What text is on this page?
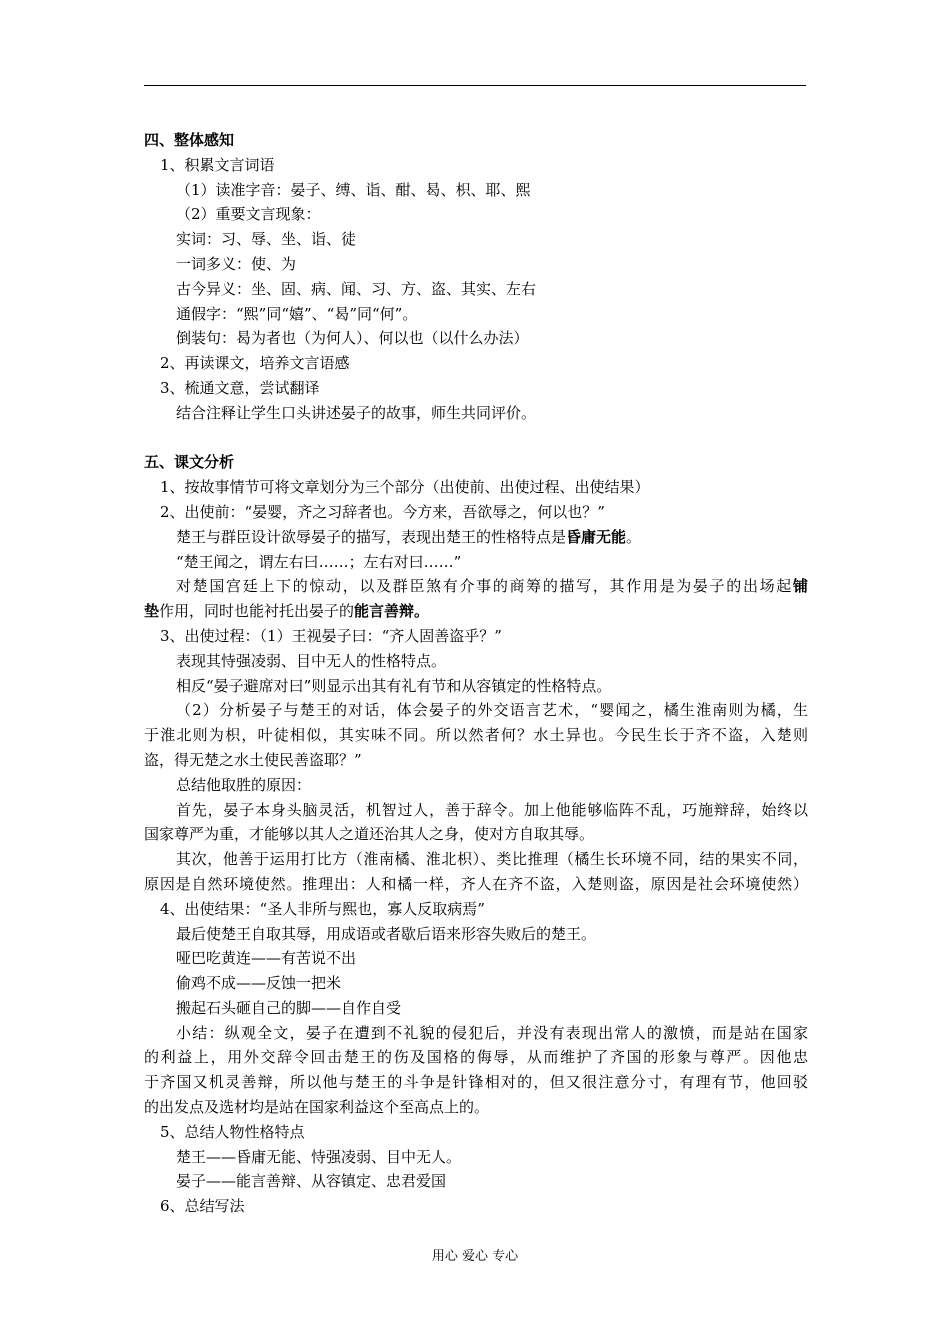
四、整体感知
1、积累文言词语
（1）读准字音：晏子、缚、诣、酣、曷、枳、耶、熙
（2）重要文言现象：
实词：习、辱、坐、诣、徒
一词多义：使、为
古今异义：坐、固、病、闻、习、方、盗、其实、左右
通假字：“熙”同“嬉”、“曷”同“何”。
倒装句：曷为者也（为何人）、何以也（以什么办法）
2、再读课文，培养文言语感
3、梳通文意，尝试翻译
结合注释让学生口头讲述晏子的故事，师生共同评价。
五、课文分析
1、按故事情节可将文章划分为三个部分（出使前、出使过程、出使结果）
2、出使前：“晏婴，齐之习辞者也。今方来，吾欲辱之，何以也？”
楚王与群臣设计欲辱晏子的描写，表现出楚王的性格特点是昏庸无能。
“楚王闻之，谓左右曰……；左右对曰……”
对楚国宫廷上下的惊动，以及群臣煞有介事的商筹的描写，其作用是为晏子的出场起铺
垫作用，同时也能衬托出晏子的能言善辩。
3、出使过程：（1）王视晏子曰：“齐人固善盗乎？”
表现其恃强凌弱、目中无人的性格特点。
相反“晏子避席对曰”则显示出其有礼有节和从容镇定的性格特点。
（2）分析晏子与楚王的对话，体会晏子的外交语言艺术，“婴闻之，橘生淮南则为橘，生
于淮北则为枳，叶徒相似，其实味不同。所以然者何？水土异也。今民生长于齐不盗，入楚则
盗，得无楚之水土使民善盗耶？”
总结他取胜的原因：
首先，晏子本身头脑灵活，机智过人，善于辞令。加上他能够临阵不乱，巧施辩辞，始终以
国家尊严为重，才能够以其人之道还治其人之身，使对方自取其辱。
其次，他善于运用打比方（淮南橘、淮北枳）、类比推理（橘生长环境不同，结的果实不同，
原因是自然环境使然。推理出：人和橘一样，齐人在齐不盗，入楚则盗，原因是社会环境使然）
4、出使结果：“圣人非所与熙也，寡人反取病焉”
最后使楚王自取其辱，用成语或者歇后语来形容失败后的楚王。
哑巴吃黄连——有苦说不出
偷鸡不成——反蚀一把米
搬起石头砸自己的脚——自作自受
小结：纵观全文，晏子在遭到不礼貌的侵犯后，并没有表现出常人的激愤，而是站在国家
的利益上，用外交辞令回击楚王的伤及国格的侮辱，从而维护了齐国的形象与尊严。因他忠
于齐国又机灵善辩，所以他与楚王的斗争是针锋相对的，但又很注意分寸，有理有节，他回驳
的出发点及选材均是站在国家利益这个至高点上的。
5、总结人物性格特点
楚王——昏庸无能、恃强凌弱、目中无人。
晏子——能言善辩、从容镇定、忠君爱国
6、总结写法
用心 爱心 专心
